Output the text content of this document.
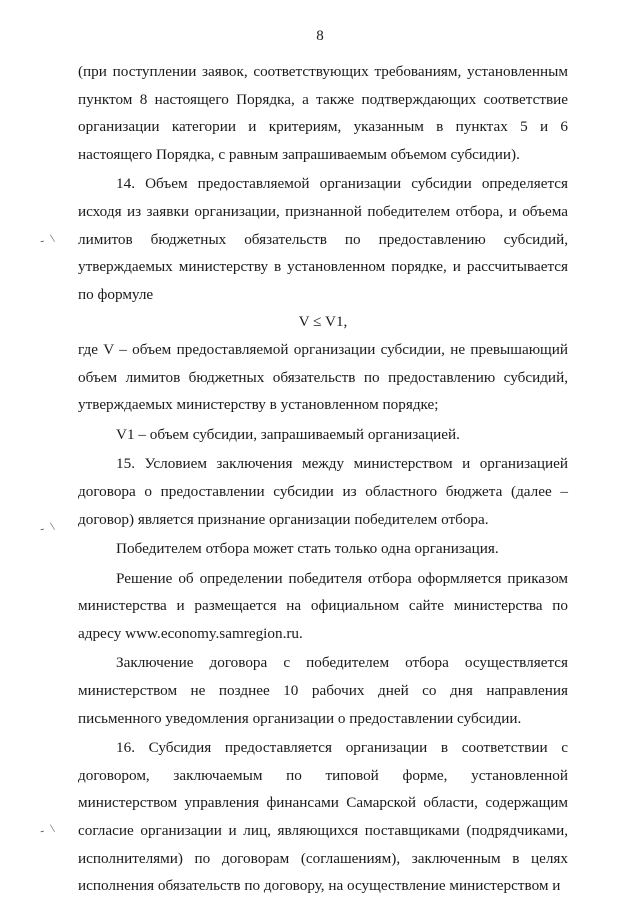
8
- \
- \
- \

(при поступлении заявок, соответствующих требованиям, установленным пунктом 8 настоящего Порядка, а также подтверждающих соответствие организации категории и критериям, указанным в пунктах 5 и 6 настоящего Порядка, с равным запрашиваемым объемом субсидии).

14. Объем предоставляемой организации субсидии определяется исходя из заявки организации, признанной победителем отбора, и объема лимитов бюджетных обязательств по предоставлению субсидий, утверждаемых министерству в установленном порядке, и рассчитывается по формуле

V ≤ V1,

где V – объем предоставляемой организации субсидии, не превышающий объем лимитов бюджетных обязательств по предоставлению субсидий, утверждаемых министерству в установленном порядке;

V1 – объем субсидии, запрашиваемый организацией.

15. Условием заключения между министерством и организацией договора о предоставлении субсидии из областного бюджета (далее – договор) является признание организации победителем отбора.

Победителем отбора может стать только одна организация.

Решение об определении победителя отбора оформляется приказом министерства и размещается на официальном сайте министерства по адресу www.economy.samregion.ru.

Заключение договора с победителем отбора осуществляется министерством не позднее 10 рабочих дней со дня направления письменного уведомления организации о предоставлении субсидии.

16. Субсидия предоставляется организации в соответствии с договором, заключаемым по типовой форме, установленной министерством управления финансами Самарской области, содержащим согласие организации и лиц, являющихся поставщиками (подрядчиками, исполнителями) по договорам (соглашениям), заключенным в целях исполнения обязательств по договору, на осуществление министерством и
